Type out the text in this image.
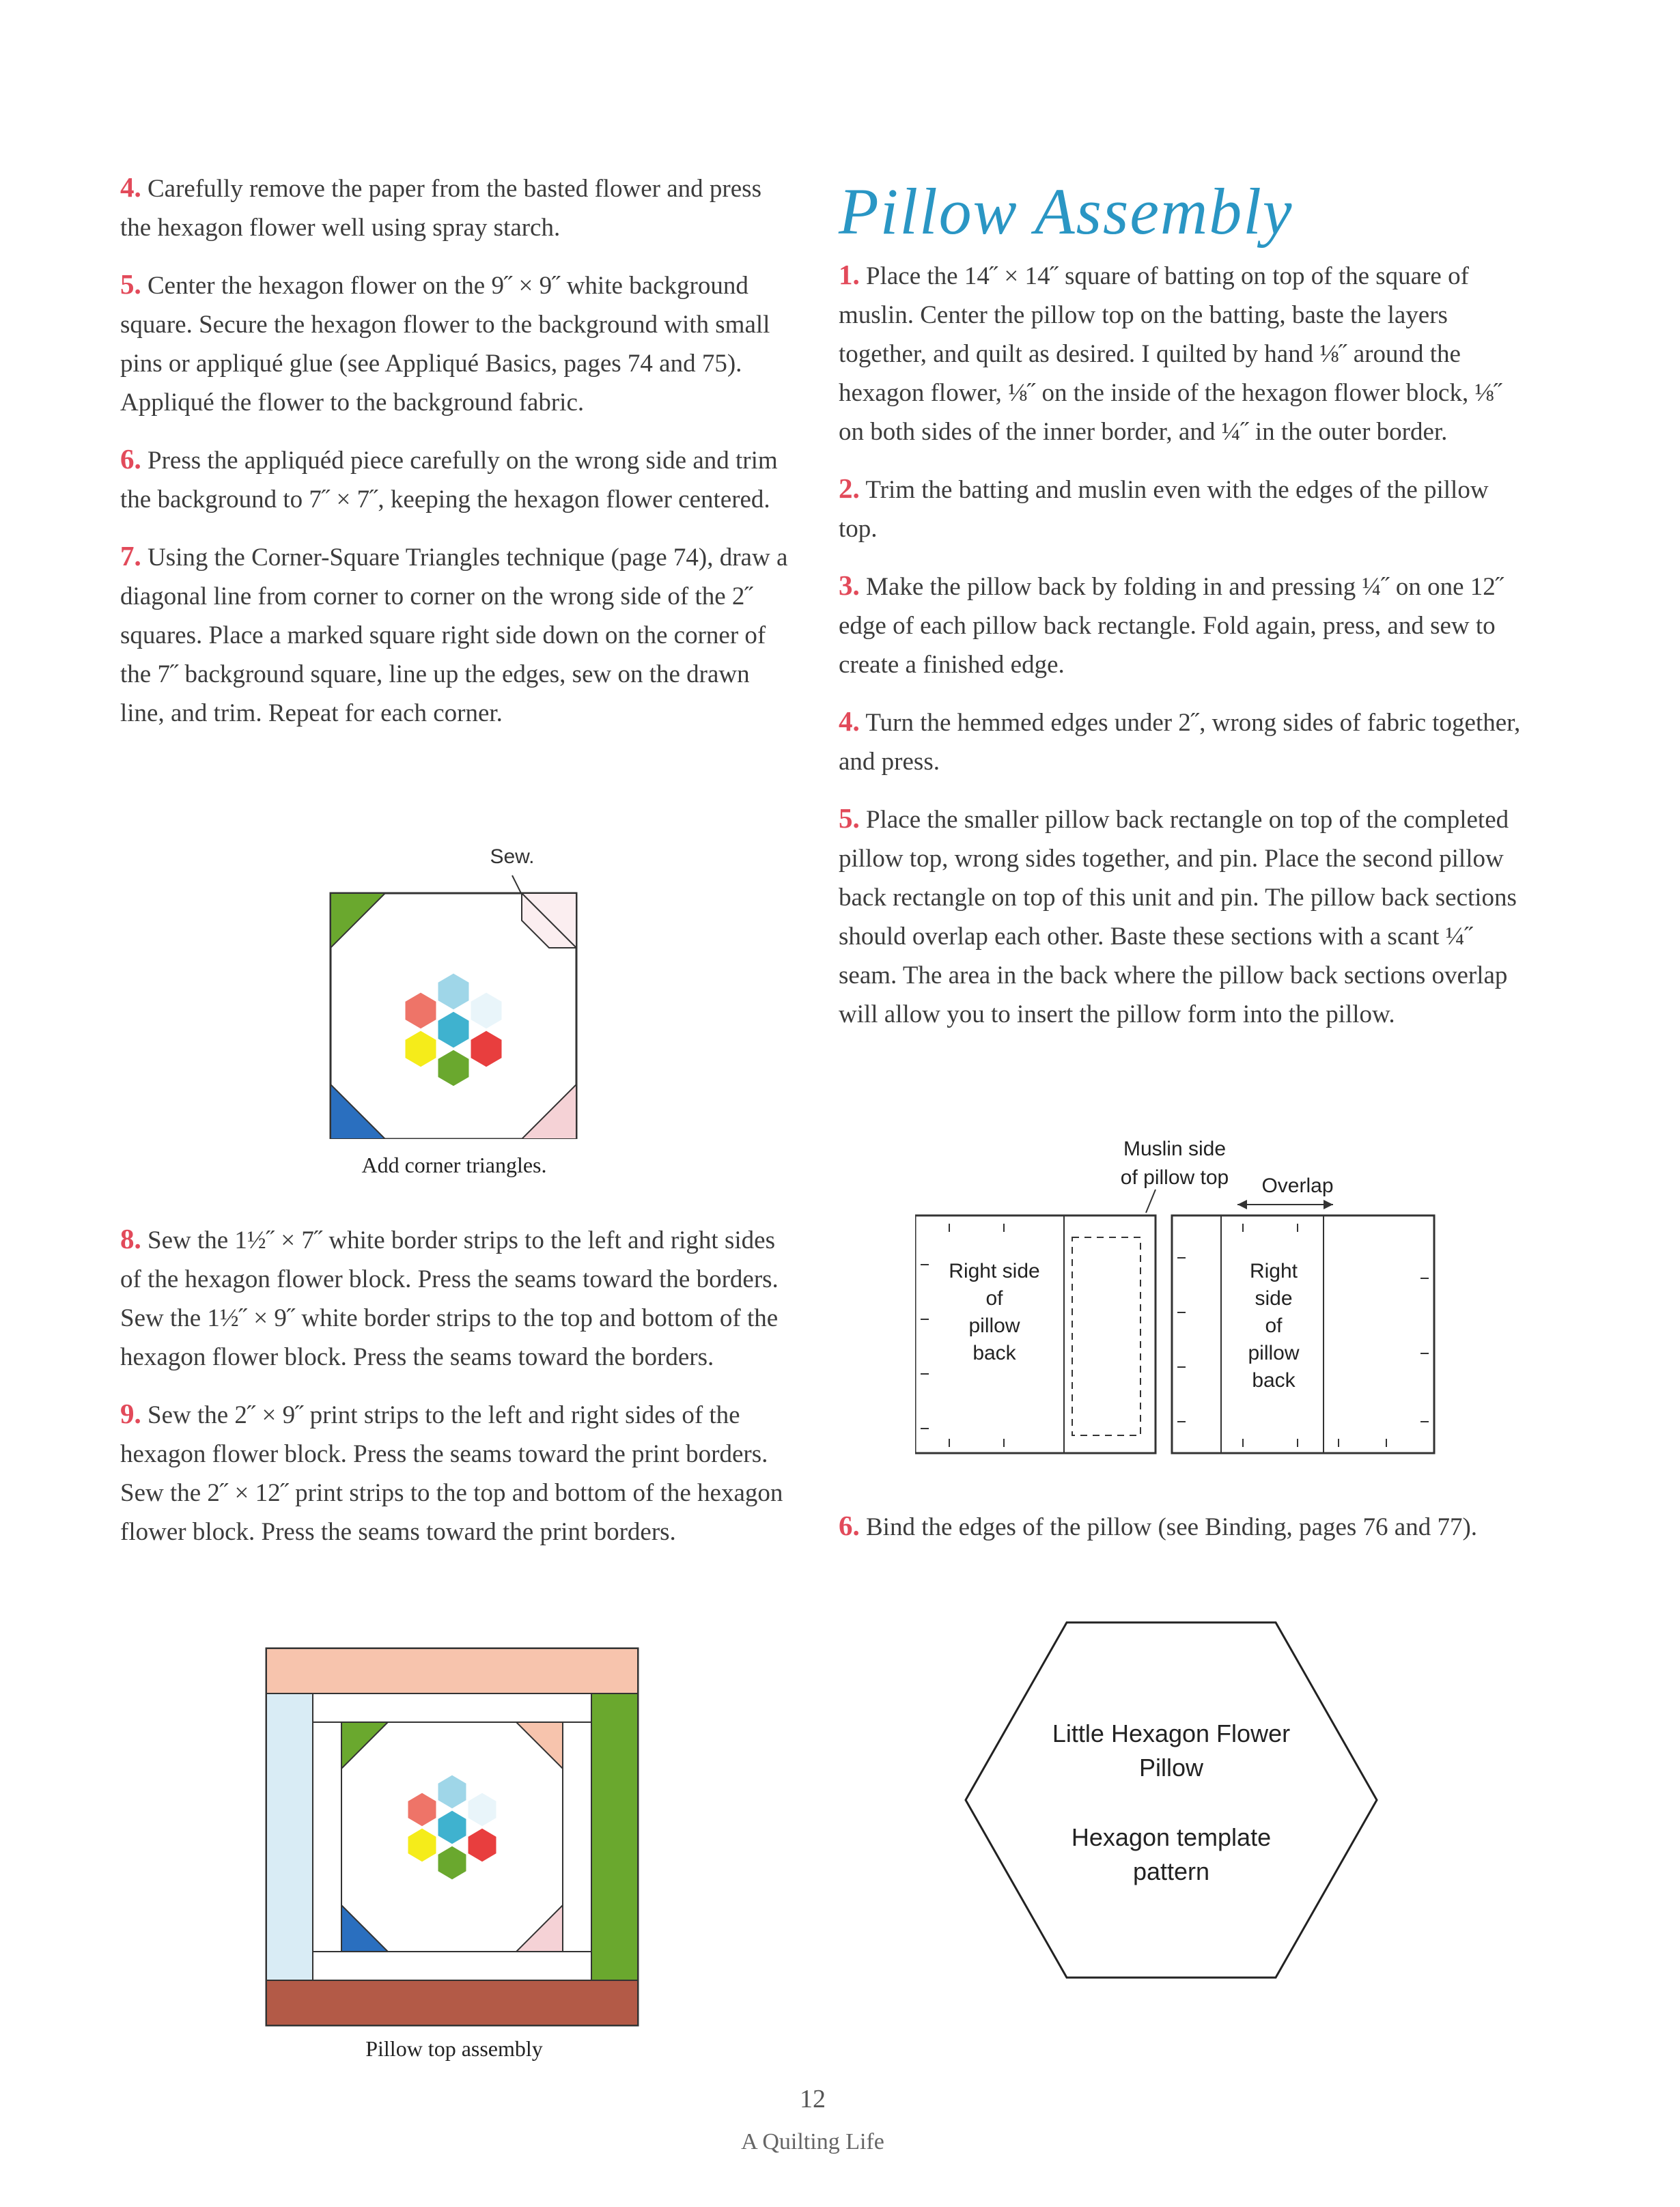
4. Carefully remove the paper from the basted flower and press the hexagon flower well using spray starch.

5. Center the hexagon flower on the 9˝ × 9˝ white background square. Secure the hexagon flower to the background with small pins or appliqué glue (see Appliqué Basics, pages 74 and 75). Appliqué the flower to the background fabric.

6. Press the appliquéd piece carefully on the wrong side and trim the background to 7˝ × 7˝, keeping the hexagon flower centered.

7. Using the Corner-Square Triangles technique (page 74), draw a diagonal line from corner to corner on the wrong side of the 2˝ squares. Place a marked square right side down on the corner of the 7˝ background square, line up the edges, sew on the drawn line, and trim. Repeat for each corner.

Sew.
Add corner triangles.

8. Sew the 1½˝ × 7˝ white border strips to the left and right sides of the hexagon flower block. Press the seams toward the borders. Sew the 1½˝ × 9˝ white border strips to the top and bottom of the hexagon flower block. Press the seams toward the borders.

9. Sew the 2˝ × 9˝ print strips to the left and right sides of the hexagon flower block. Press the seams toward the print borders. Sew the 2˝ × 12˝ print strips to the top and bottom of the hexagon flower block. Press the seams toward the print borders.

Pillow top assembly
Pillow Assembly

1. Place the 14˝ × 14˝ square of batting on top of the square of muslin. Center the pillow top on the batting, baste the layers together, and quilt as desired. I quilted by hand ⅛˝ around the hexagon flower, ⅛˝ on the inside of the hexagon flower block, ⅛˝ on both sides of the inner border, and ¼˝ in the outer border.

2. Trim the batting and muslin even with the edges of the pillow top.

3. Make the pillow back by folding in and pressing ¼˝ on one 12˝ edge of each pillow back rectangle. Fold again, press, and sew to create a finished edge.

4. Turn the hemmed edges under 2˝, wrong sides of fabric together, and press.

5. Place the smaller pillow back rectangle on top of the completed pillow top, wrong sides together, and pin. Place the second pillow back rectangle on top of this unit and pin. The pillow back sections should overlap each other. Baste these sections with a scant ¼˝ seam. The area in the back where the pillow back sections overlap will allow you to insert the pillow form into the pillow.

Muslin side
of pillow top	Overlap
Right side
of
pillow
back
Right
side
of
pillow
back

6. Bind the edges of the pillow (see Binding, pages 76 and 77).

Little Hexagon Flower
Pillow
Hexagon template
pattern
12
A Quilting Life
